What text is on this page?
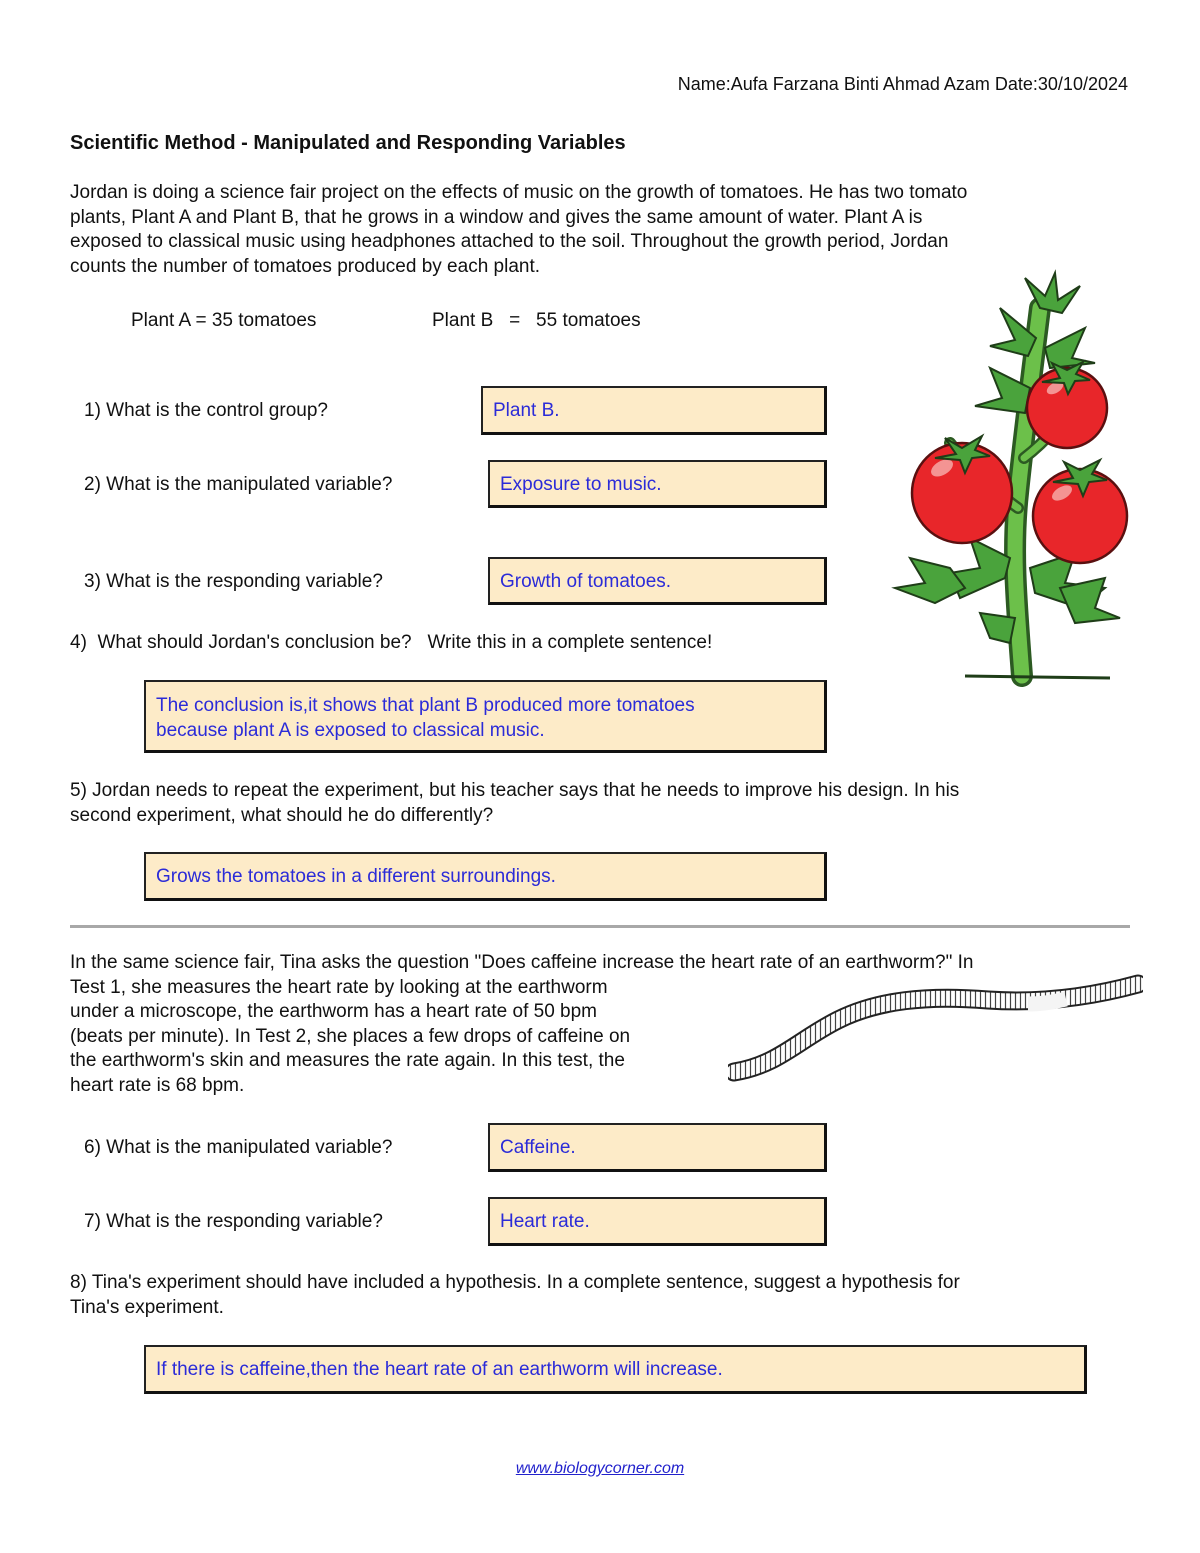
Name:Aufa Farzana Binti Ahmad Azam Date:30/10/2024
Scientific Method - Manipulated and Responding Variables
Jordan is doing a science fair project on the effects of music on the growth of tomatoes. He has two tomato
plants, Plant A and Plant B, that he grows in a window and gives the same amount of water. Plant A is
exposed to classical music using headphones attached to the soil. Throughout the growth period, Jordan
counts the number of tomatoes produced by each plant.
Plant A = 35 tomatoes	Plant B   =   55 tomatoes
1) What is the control group?	Plant B.
2) What is the manipulated variable?	Exposure to music.
3) What is the responding variable?	Growth of tomatoes.
4)  What should Jordan's conclusion be?   Write this in a complete sentence!
The conclusion is,it shows that plant B produced more tomatoes
because plant A is exposed to classical music.
5) Jordan needs to repeat the experiment, but his teacher says that he needs to improve his design. In his
second experiment, what should he do differently?
Grows the tomatoes in a different surroundings.
In the same science fair, Tina asks the question "Does caffeine increase the heart rate of an earthworm?" In
Test 1, she measures the heart rate by looking at the earthworm
under a microscope, the earthworm has a heart rate of 50 bpm
(beats per minute). In Test 2, she places a few drops of caffeine on
the earthworm's skin and measures the rate again. In this test, the
heart rate is 68 bpm.
6) What is the manipulated variable?	Caffeine.
7) What is the responding variable?	Heart rate.
8) Tina's experiment should have included a hypothesis. In a complete sentence, suggest a hypothesis for
Tina's experiment.
If there is caffeine,then the heart rate of an earthworm will increase.
www.biologycorner.com
